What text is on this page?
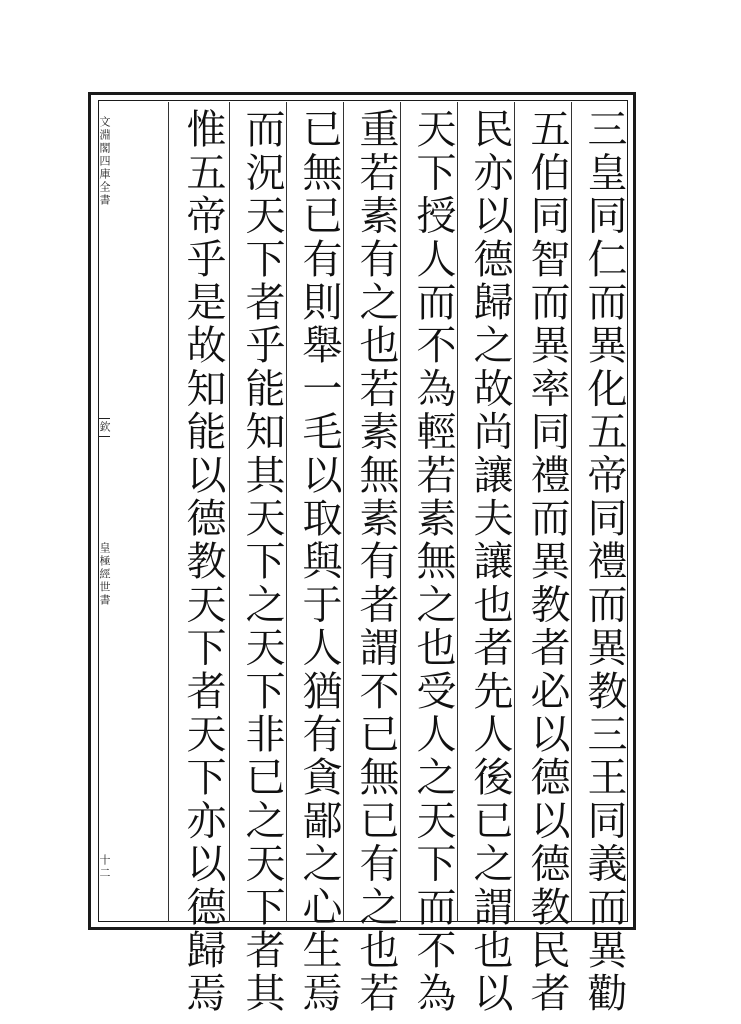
文淵閣四庫全書
欽
皇極經世書
十二	三皇同仁而異化五帝同禮而異教三王同義而異勸
五伯同智而異率同禮而異教者必以德以德教民者
民亦以德歸之故尚讓夫讓也者先人後已之謂也以
天下授人而不為輕若素無之也受人之天下而不為
重若素有之也若素無素有者謂不已無已有之也若
已無已有則舉一毛以取與于人猶有貪鄙之心生焉
而況天下者乎能知其天下之天下非已之天下者其
惟五帝乎是故知能以德教天下者天下亦以德歸焉
